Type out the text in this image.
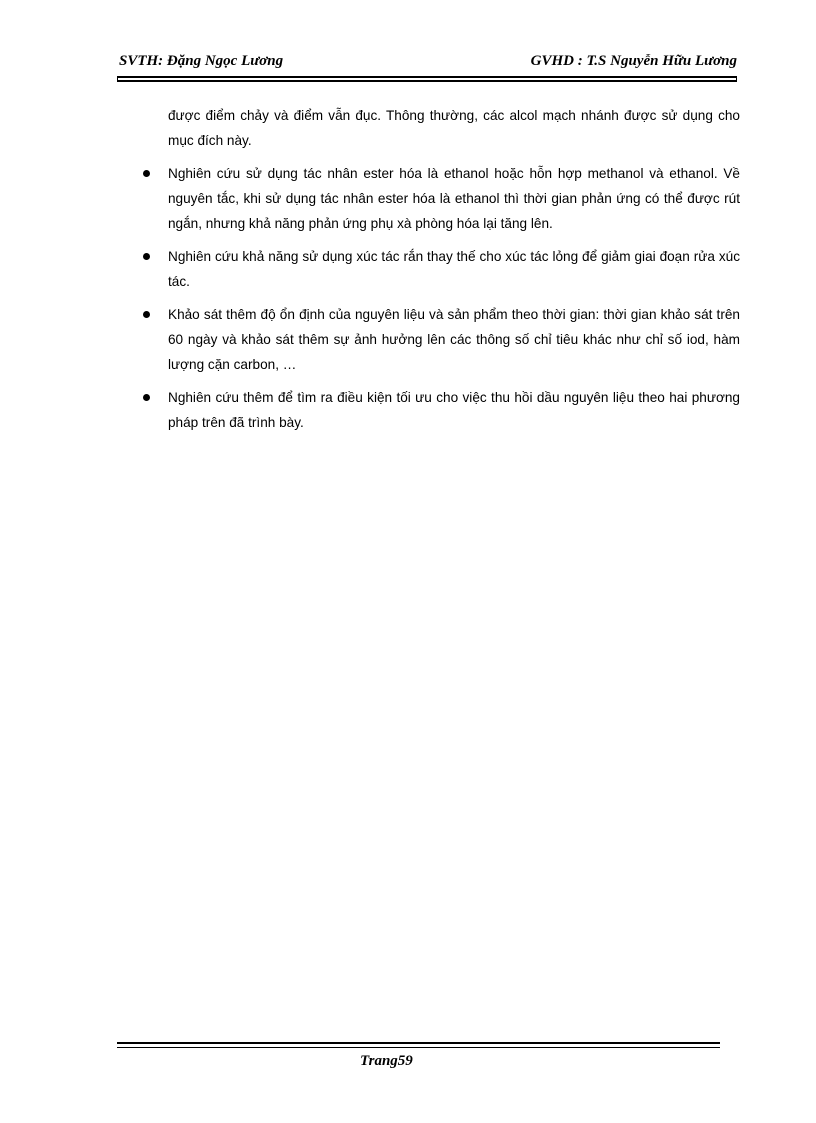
SVTH: Đặng Ngọc Lương	GVHD : T.S Nguyễn Hữu Lương

được điểm chảy và điểm vẫn đục. Thông thường, các alcol mạch nhánh được sử dụng cho mục đích này.

Nghiên cứu sử dụng tác nhân ester hóa là ethanol hoặc hỗn hợp methanol và ethanol. Về nguyên tắc, khi sử dụng tác nhân ester hóa là ethanol thì thời gian phản ứng có thể được rút ngắn, nhưng khả năng phản ứng phụ xà phòng hóa lại tăng lên.
Nghiên cứu khả năng sử dụng xúc tác rắn thay thế cho xúc tác lỏng để giảm giai đoạn rửa xúc tác.
Khảo sát thêm độ ổn định của nguyên liệu và sản phẩm theo thời gian: thời gian khảo sát trên 60 ngày và khảo sát thêm sự ảnh hưởng lên các thông số chỉ tiêu khác như chỉ số iod, hàm lượng cặn carbon, …
Nghiên cứu thêm để tìm ra điều kiện tối ưu cho việc thu hồi dầu nguyên liệu theo hai phương pháp trên đã trình bày.
Trang59
